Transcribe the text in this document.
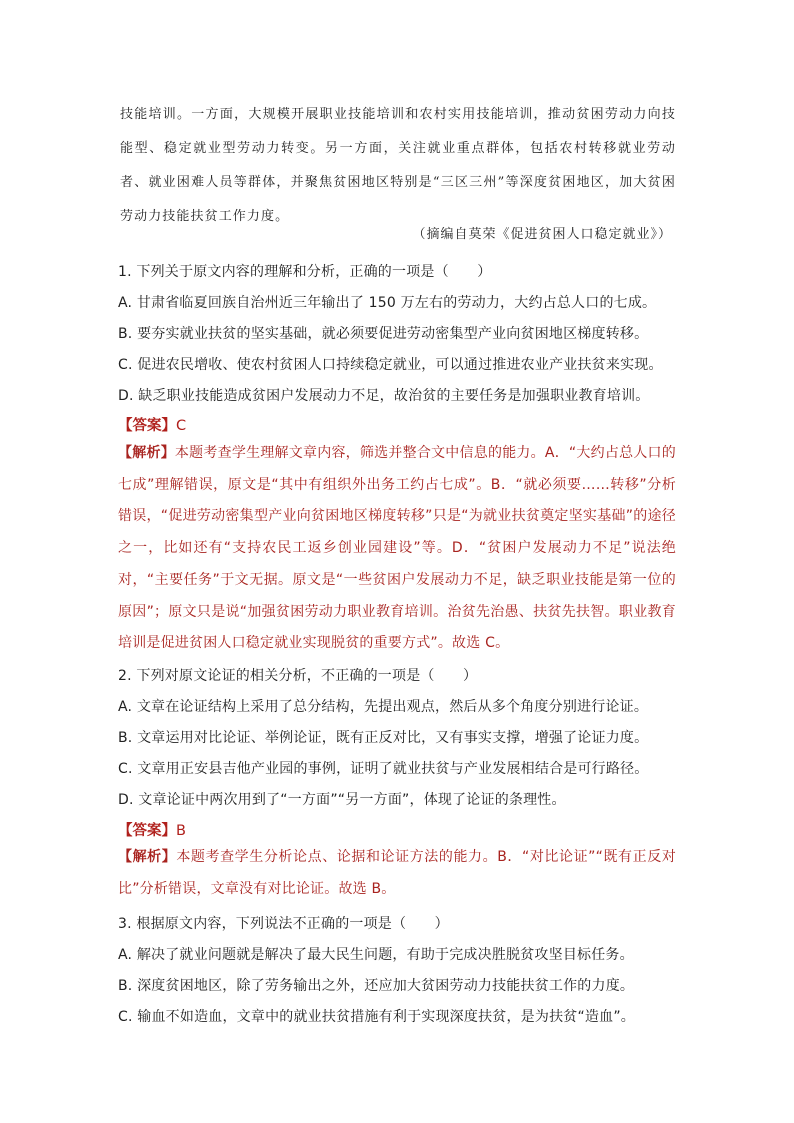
技能培训。一方面，大规模开展职业技能培训和农村实用技能培训，推动贫困劳动力向技能型、稳定就业型劳动力转变。另一方面，关注就业重点群体，包括农村转移就业劳动者、就业困难人员等群体，并聚焦贫困地区特别是“三区三州”等深度贫困地区，加大贫困劳动力技能扶贫工作力度。
（摘编自莫荣《促进贫困人口稳定就业》）
1. 下列关于原文内容的理解和分析，正确的一项是（　　）
A. 甘肃省临夏回族自治州近三年输出了 150 万左右的劳动力，大约占总人口的七成。
B. 要夯实就业扶贫的坚实基础，就必须要促进劳动密集型产业向贫困地区梯度转移。
C. 促进农民增收、使农村贫困人口持续稳定就业，可以通过推进农业产业扶贫来实现。
D. 缺乏职业技能造成贫困户发展动力不足，故治贫的主要任务是加强职业教育培训。
【答案】C
【解析】本题考查学生理解文章内容，筛选并整合文中信息的能力。A．“大约占总人口的七成”理解错误，原文是“其中有组织外出务工约占七成”。B．“就必须要……转移”分析错误，“促进劳动密集型产业向贫困地区梯度转移”只是“为就业扶贫奠定坚实基础”的途径之一，比如还有“支持农民工返乡创业园建设”等。D．“贫困户发展动力不足”说法绝对，“主要任务”于文无据。原文是“一些贫困户发展动力不足，缺乏职业技能是第一位的原因”；原文只是说“加强贫困劳动力职业教育培训。治贫先治愚、扶贫先扶智。职业教育培训是促进贫困人口稳定就业实现脱贫的重要方式”。故选 C。
2. 下列对原文论证的相关分析，不正确的一项是（　　）
A. 文章在论证结构上采用了总分结构，先提出观点，然后从多个角度分别进行论证。
B. 文章运用对比论证、举例论证，既有正反对比，又有事实支撑，增强了论证力度。
C. 文章用正安县吉他产业园的事例，证明了就业扶贫与产业发展相结合是可行路径。
D. 文章论证中两次用到了“一方面”“另一方面”，体现了论证的条理性。
【答案】B
【解析】本题考查学生分析论点、论据和论证方法的能力。B．“对比论证”“既有正反对比”分析错误，文章没有对比论证。故选 B。
3. 根据原文内容，下列说法不正确的一项是（　　）
A. 解决了就业问题就是解决了最大民生问题，有助于完成决胜脱贫攻坚目标任务。
B. 深度贫困地区，除了劳务输出之外，还应加大贫困劳动力技能扶贫工作的力度。
C. 输血不如造血，文章中的就业扶贫措施有利于实现深度扶贫，是为扶贫“造血”。
